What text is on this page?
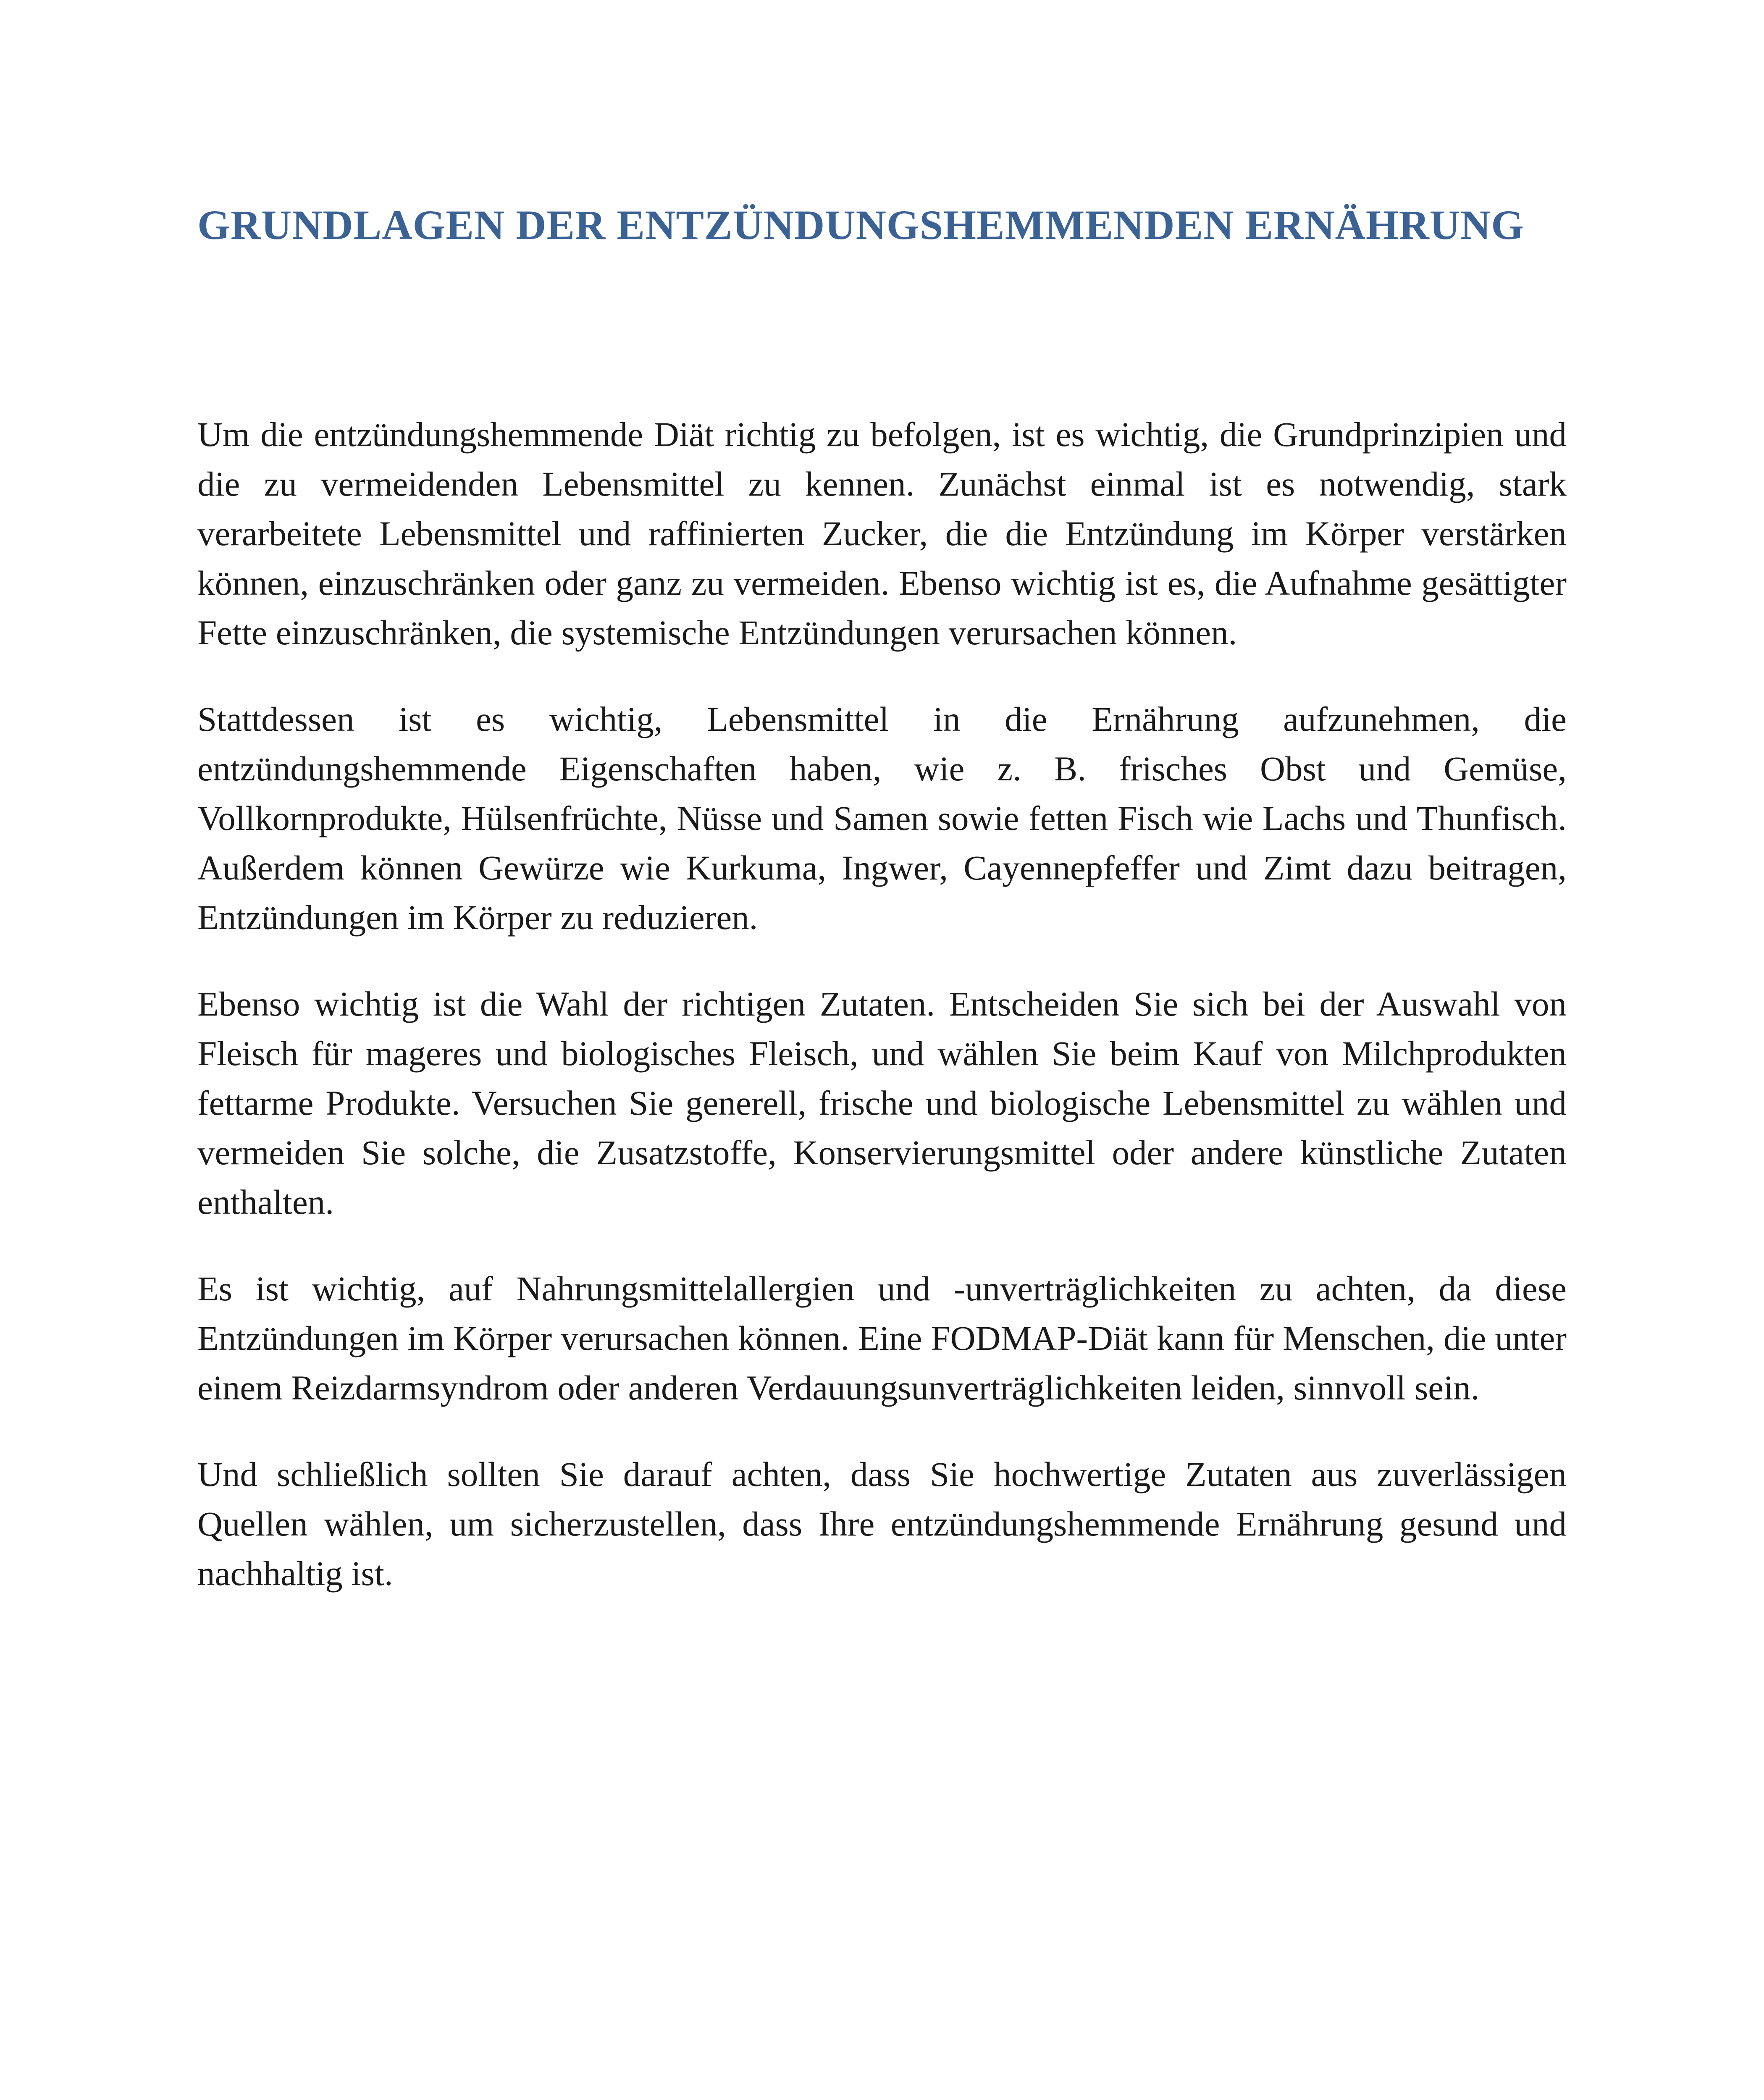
GRUNDLAGEN DER ENTZÜNDUNGSHEMMENDEN ERNÄHRUNG

Um die entzündungshemmende Diät richtig zu befolgen, ist es wichtig, die Grundprinzipien und die zu vermeidenden Lebensmittel zu kennen. Zunächst einmal ist es notwendig, stark verarbeitete Lebensmittel und raffinierten Zucker, die die Entzündung im Körper verstärken können, einzuschränken oder ganz zu vermeiden. Ebenso wichtig ist es, die Aufnahme gesättigter Fette einzuschränken, die systemische Entzündungen verursachen können.

Stattdessen ist es wichtig, Lebensmittel in die Ernährung aufzunehmen, die entzündungshemmende Eigenschaften haben, wie z. B. frisches Obst und Gemüse, Vollkornprodukte, Hülsenfrüchte, Nüsse und Samen sowie fetten Fisch wie Lachs und Thunfisch. Außerdem können Gewürze wie Kurkuma, Ingwer, Cayennepfeffer und Zimt dazu beitragen, Entzündungen im Körper zu reduzieren.

Ebenso wichtig ist die Wahl der richtigen Zutaten. Entscheiden Sie sich bei der Auswahl von Fleisch für mageres und biologisches Fleisch, und wählen Sie beim Kauf von Milchprodukten fettarme Produkte. Versuchen Sie generell, frische und biologische Lebensmittel zu wählen und vermeiden Sie solche, die Zusatzstoffe, Konservierungsmittel oder andere künstliche Zutaten enthalten.

Es ist wichtig, auf Nahrungsmittelallergien und -unverträglichkeiten zu achten, da diese Entzündungen im Körper verursachen können. Eine FODMAP-Diät kann für Menschen, die unter einem Reizdarmsyndrom oder anderen Verdauungsunverträglichkeiten leiden, sinnvoll sein.

Und schließlich sollten Sie darauf achten, dass Sie hochwertige Zutaten aus zuverlässigen Quellen wählen, um sicherzustellen, dass Ihre entzündungshemmende Ernährung gesund und nachhaltig ist.
